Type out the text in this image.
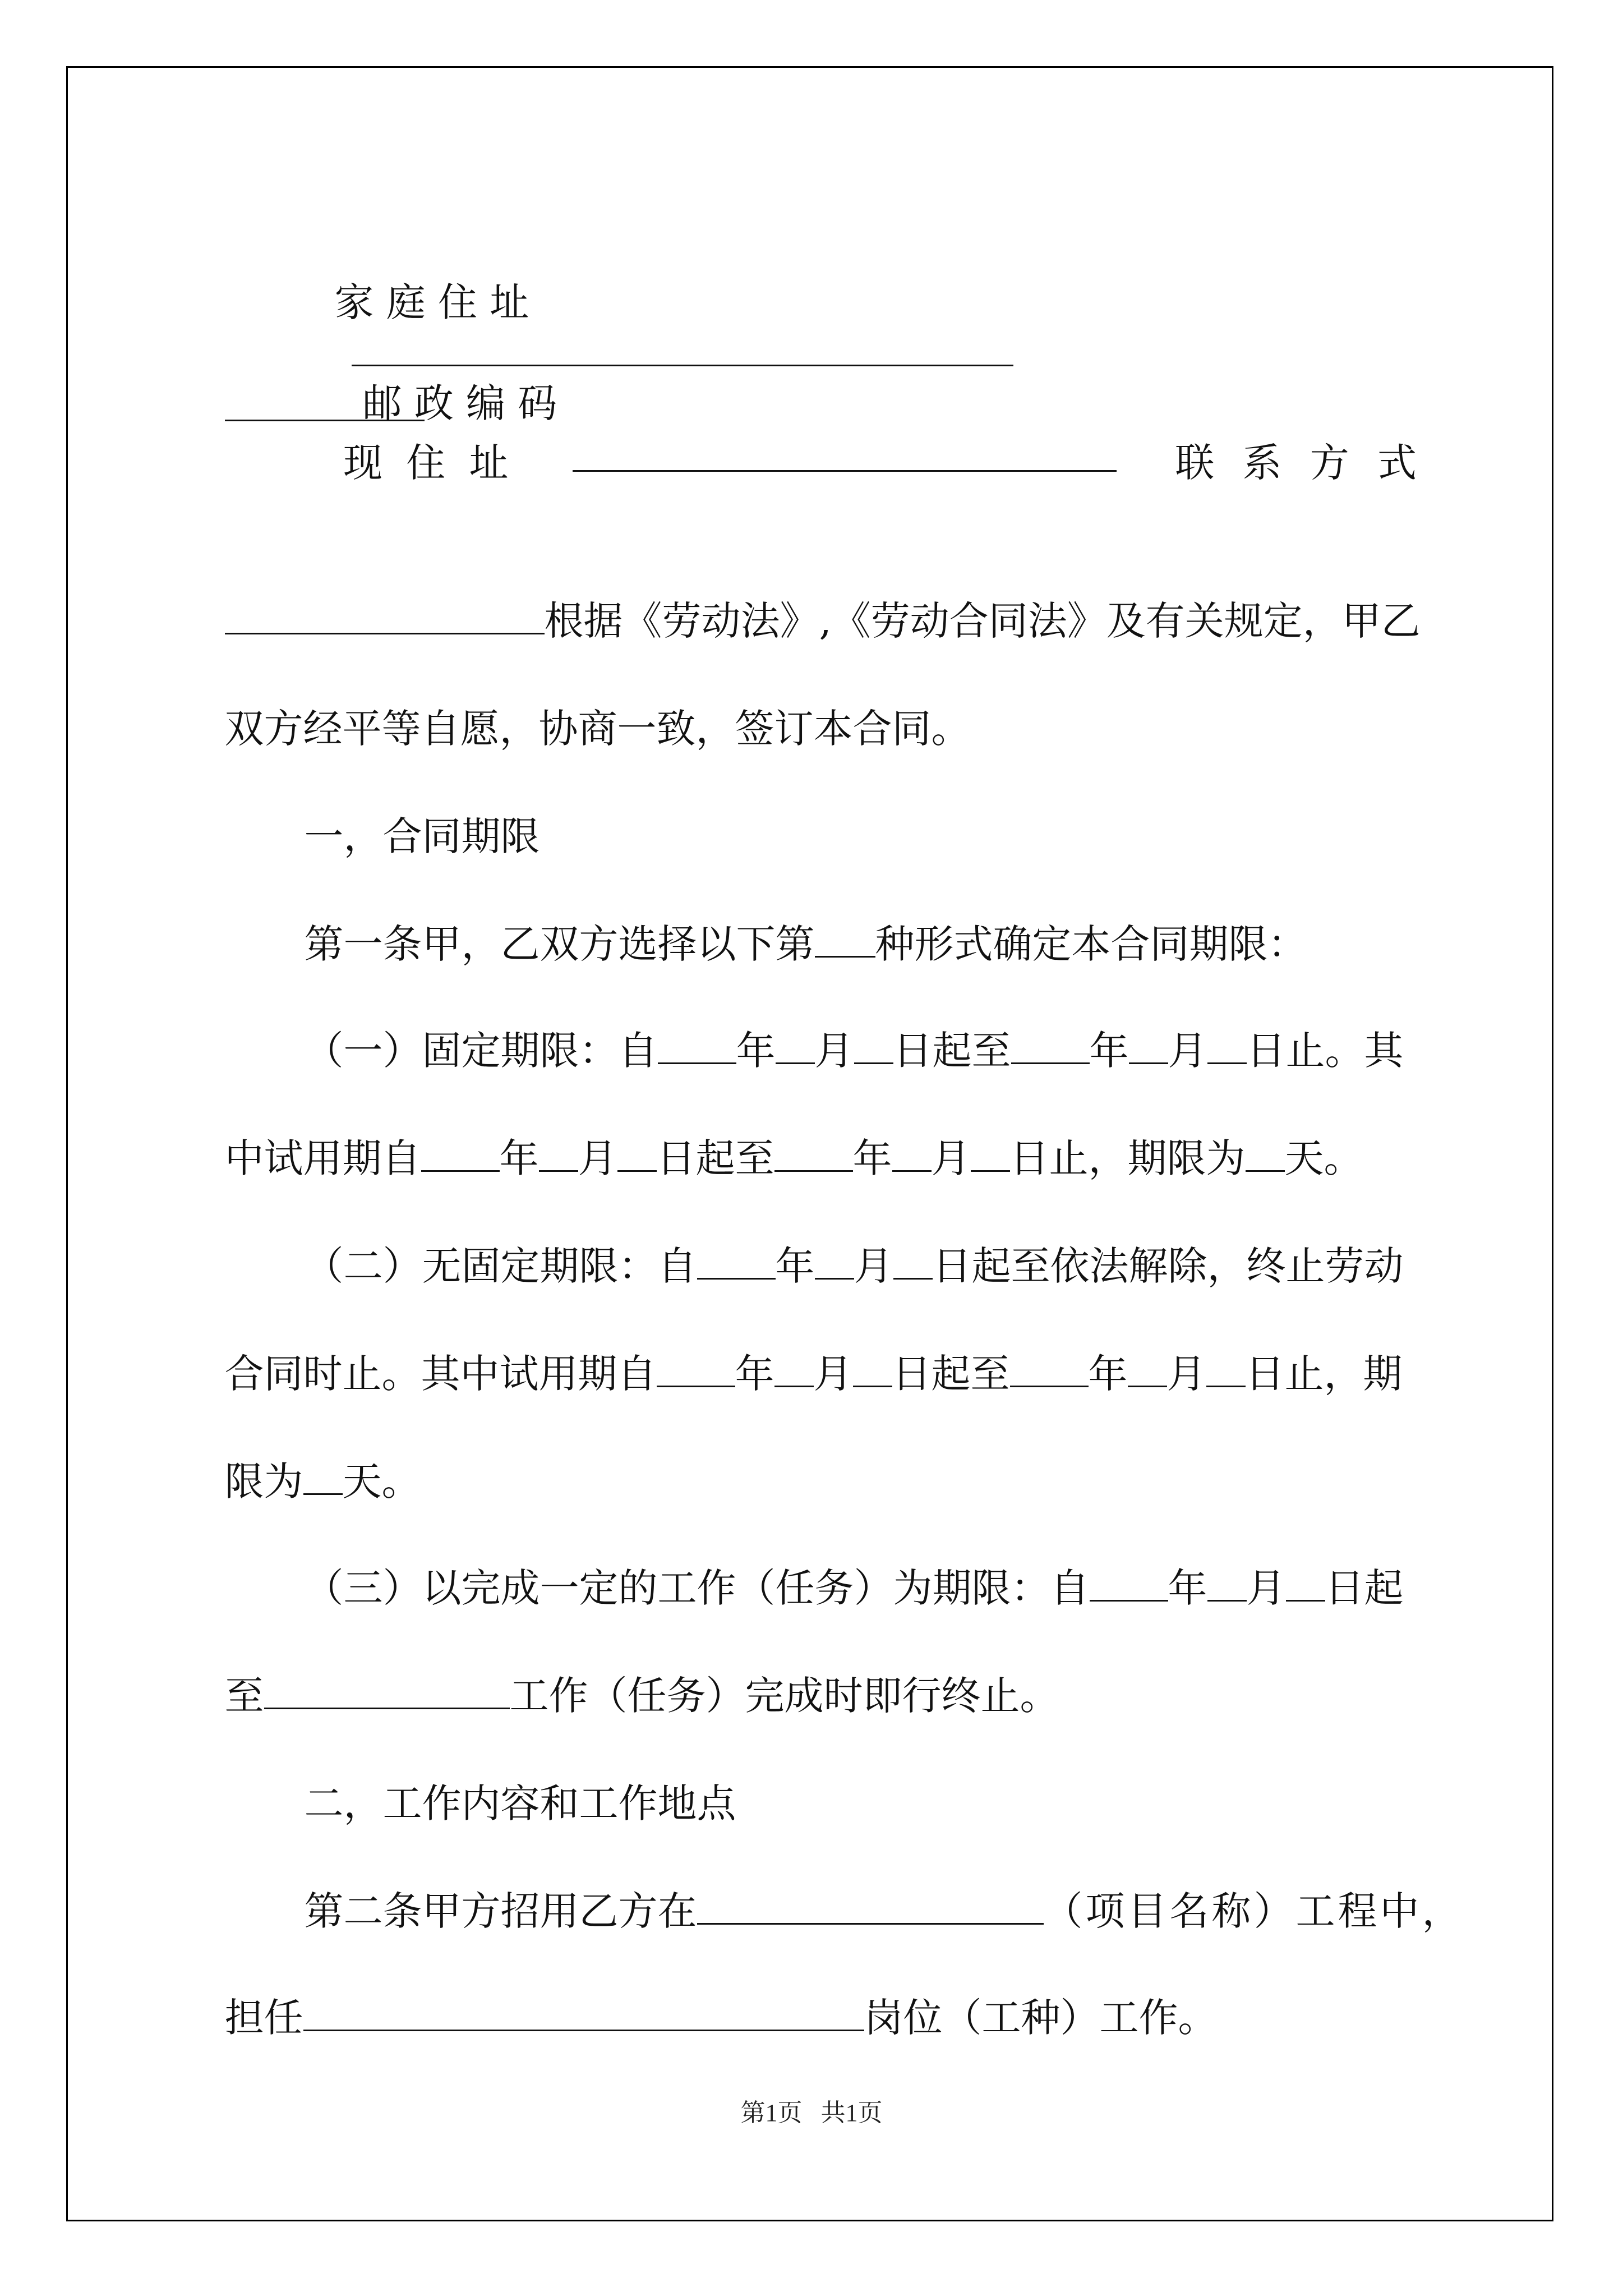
家 庭 住 址

邮 政 编 码

现 住 址	联 系 方 式

根据《劳动法》,《劳动合同法》及有关规定，甲乙

双方经平等自愿，协商一致，签订本合同。

一，合同期限

第一条甲，乙双方选择以下第 种形式确定本合同期限：

（一）固定期限：自 年 月 日起至 年 月 日止。其

中试用期自 年 月 日起至 年 月 日止，期限为 天。

（二）无固定期限：自 年 月 日起至依法解除，终止劳动

合同时止。其中试用期自 年 月 日起至 年 月 日止，期

限为 天。

（三）以完成一定的工作（任务）为期限：自 年 月 日起

至	工作（任务）完成时即行终止。

二，工作内容和工作地点

第二条甲方招用乙方在	（项目名称）工程中，

担任	岗位（工种）工作。

第1页 共1页
